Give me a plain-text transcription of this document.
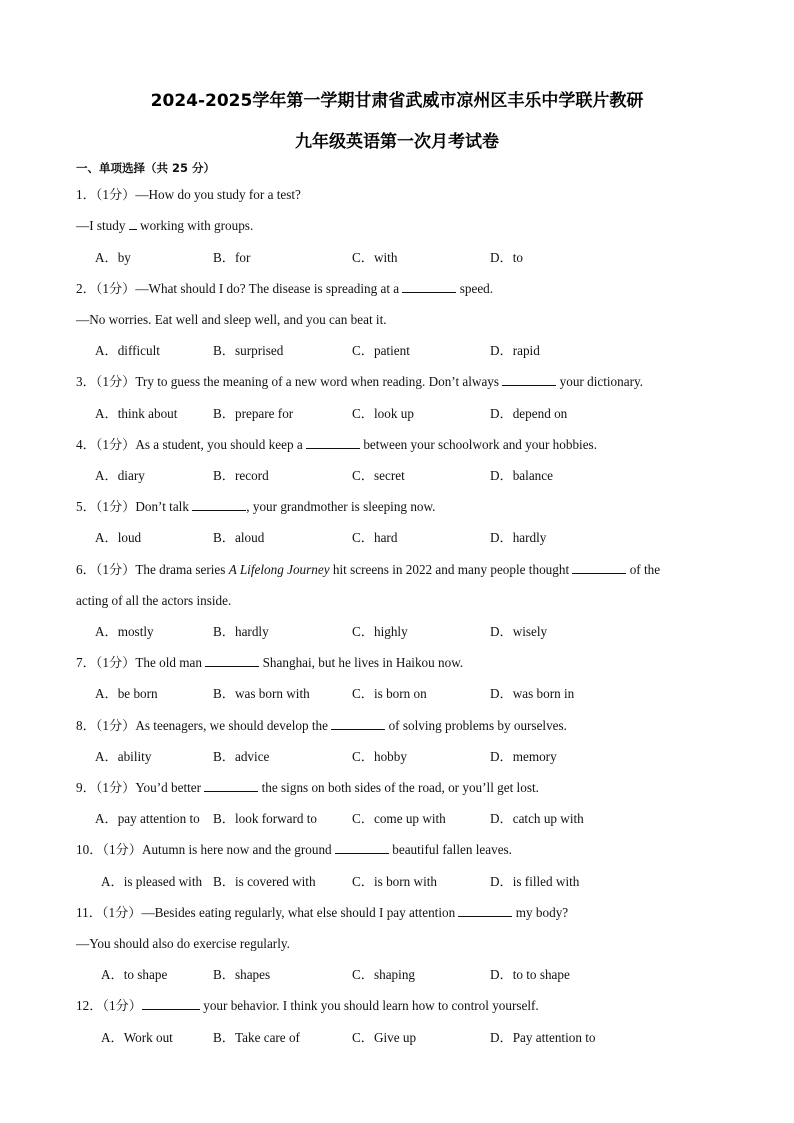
2024-2025学年第一学期甘肃省武威市凉州区丰乐中学联片教研
九年级英语第一次月考试卷
一、单项选择（共 25 分）
1．（1分）—How do you study for a test?
—I study  working with groups.
A．by	B．for	C．with	D．to
2．（1分）—What should I do? The disease is spreading at a	speed.
—No worries. Eat well and sleep well, and you can beat it.
A．difficult	B．surprised	C．patient	D．rapid
3．（1分）Try to guess the meaning of a new word when reading. Don’t always	your dictionary.
A．think about	B．prepare for	C．look up	D．depend on
4．（1分）As a student, you should keep a	between your schoolwork and your hobbies.
A．diary	B．record	C．secret	D．balance
5．（1分）Don’t talk	, your grandmother is sleeping now.
A．loud	B．aloud	C．hard	D．hardly
6．（1分）The drama series A Lifelong Journey hit screens in 2022 and many people thought	of the
acting of all the actors inside.
A．mostly	B．hardly	C．highly	D．wisely
7．（1分）The old man	Shanghai, but he lives in Haikou now.
A．be born	B．was born with	C．is born on	D．was born in
8．（1分）As teenagers, we should develop the	of solving problems by ourselves.
A．ability	B．advice	C．hobby	D．memory
9．（1分）You’d better	the signs on both sides of the road, or you’ll get lost.
A．pay attention to B．look forward to	C．come up with	D．catch up with
10．（1分）Autumn is here now and the ground	beautiful fallen leaves.
A．is pleased with B．is covered with	C．is born with	D．is filled with
11．（1分）—Besides eating regularly, what else should I pay attention	my body?
—You should also do exercise regularly.
A．to shape	B．shapes	C．shaping	D．to to shape
12．（1分）	your behavior. I think you should learn how to control yourself.
A．Work out	B．Take care of	C．Give up	D．Pay attention to
